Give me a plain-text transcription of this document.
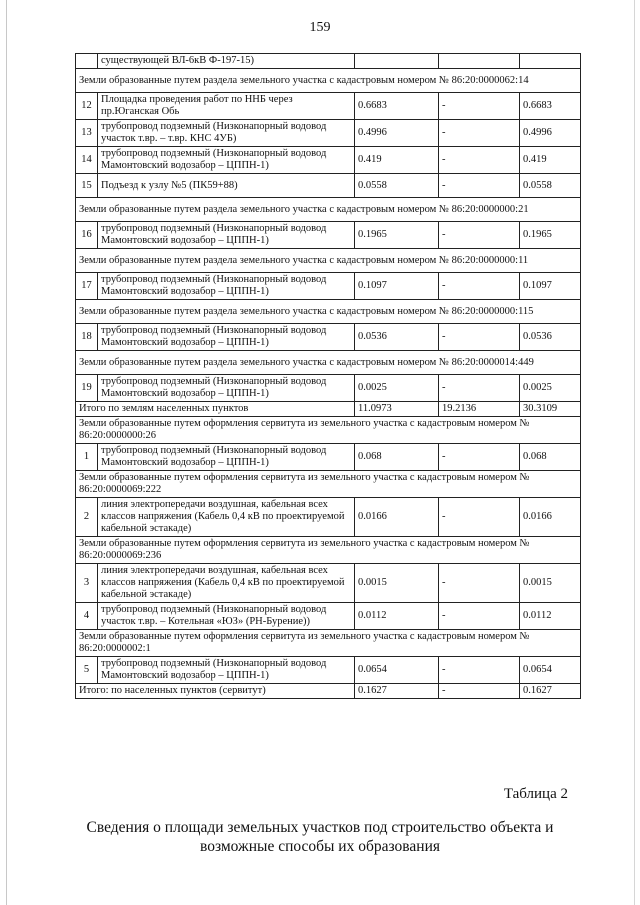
159
	существующей ВЛ-6кВ Ф-197-15)			
Земли образованные путем раздела земельного участка с кадастровым номером № 86:20:0000062:14				
12	Площадка проведения работ по ННБ через пр.Юганская Обь	0.6683	-	0.6683
13	трубопровод подземный (Низконапорный водовод участок т.вр. – т.вр. КНС 4УБ)	0.4996	-	0.4996
14	трубопровод подземный (Низконапорный водовод Мамонтовский водозабор – ЦППН-1)	0.419	-	0.419
15	Подъезд к узлу №5 (ПК59+88)	0.0558	-	0.0558
Земли образованные путем раздела земельного участка с кадастровым номером № 86:20:0000000:21				
16	трубопровод подземный (Низконапорный водовод Мамонтовский водозабор – ЦППН-1)	0.1965	-	0.1965
Земли образованные путем раздела земельного участка с кадастровым номером № 86:20:0000000:11				
17	трубопровод подземный (Низконапорный водовод Мамонтовский водозабор – ЦППН-1)	0.1097	-	0.1097
Земли образованные путем раздела земельного участка с кадастровым номером № 86:20:0000000:115				
18	трубопровод подземный (Низконапорный водовод Мамонтовский водозабор – ЦППН-1)	0.0536	-	0.0536
Земли образованные путем раздела земельного участка с кадастровым номером № 86:20:0000014:449				
19	трубопровод подземный (Низконапорный водовод Мамонтовский водозабор – ЦППН-1)	0.0025	-	0.0025
Итого по землям населенных пунктов		11.0973	19.2136	30.3109
Земли образованные путем оформления сервитута из земельного участка с кадастровым номером № 86:20:0000000:26				
1	трубопровод подземный (Низконапорный водовод Мамонтовский водозабор – ЦППН-1)	0.068	-	0.068
Земли образованные путем оформления сервитута из земельного участка с кадастровым номером № 86:20:0000069:222				
2	линия электропередачи воздушная, кабельная всех классов напряжения (Кабель 0,4 кВ по проектируемой кабельной эстакаде)	0.0166	-	0.0166
Земли образованные путем оформления сервитута из земельного участка с кадастровым номером № 86:20:0000069:236				
3	линия электропередачи воздушная, кабельная всех классов напряжения (Кабель 0,4 кВ по проектируемой кабельной эстакаде)	0.0015	-	0.0015
4	трубопровод подземный (Низконапорный водовод участок т.вр. – Котельная «ЮЗ» (РН-Бурение))	0.0112	-	0.0112
Земли образованные путем оформления сервитута из земельного участка с кадастровым номером № 86:20:0000002:1				
5	трубопровод подземный (Низконапорный водовод Мамонтовский водозабор – ЦППН-1)	0.0654	-	0.0654
Итого: по населенных пунктов (сервитут)		0.1627	-	0.1627
Таблица 2
Сведения о площади земельных участков под строительство объекта и
возможные способы их образования
